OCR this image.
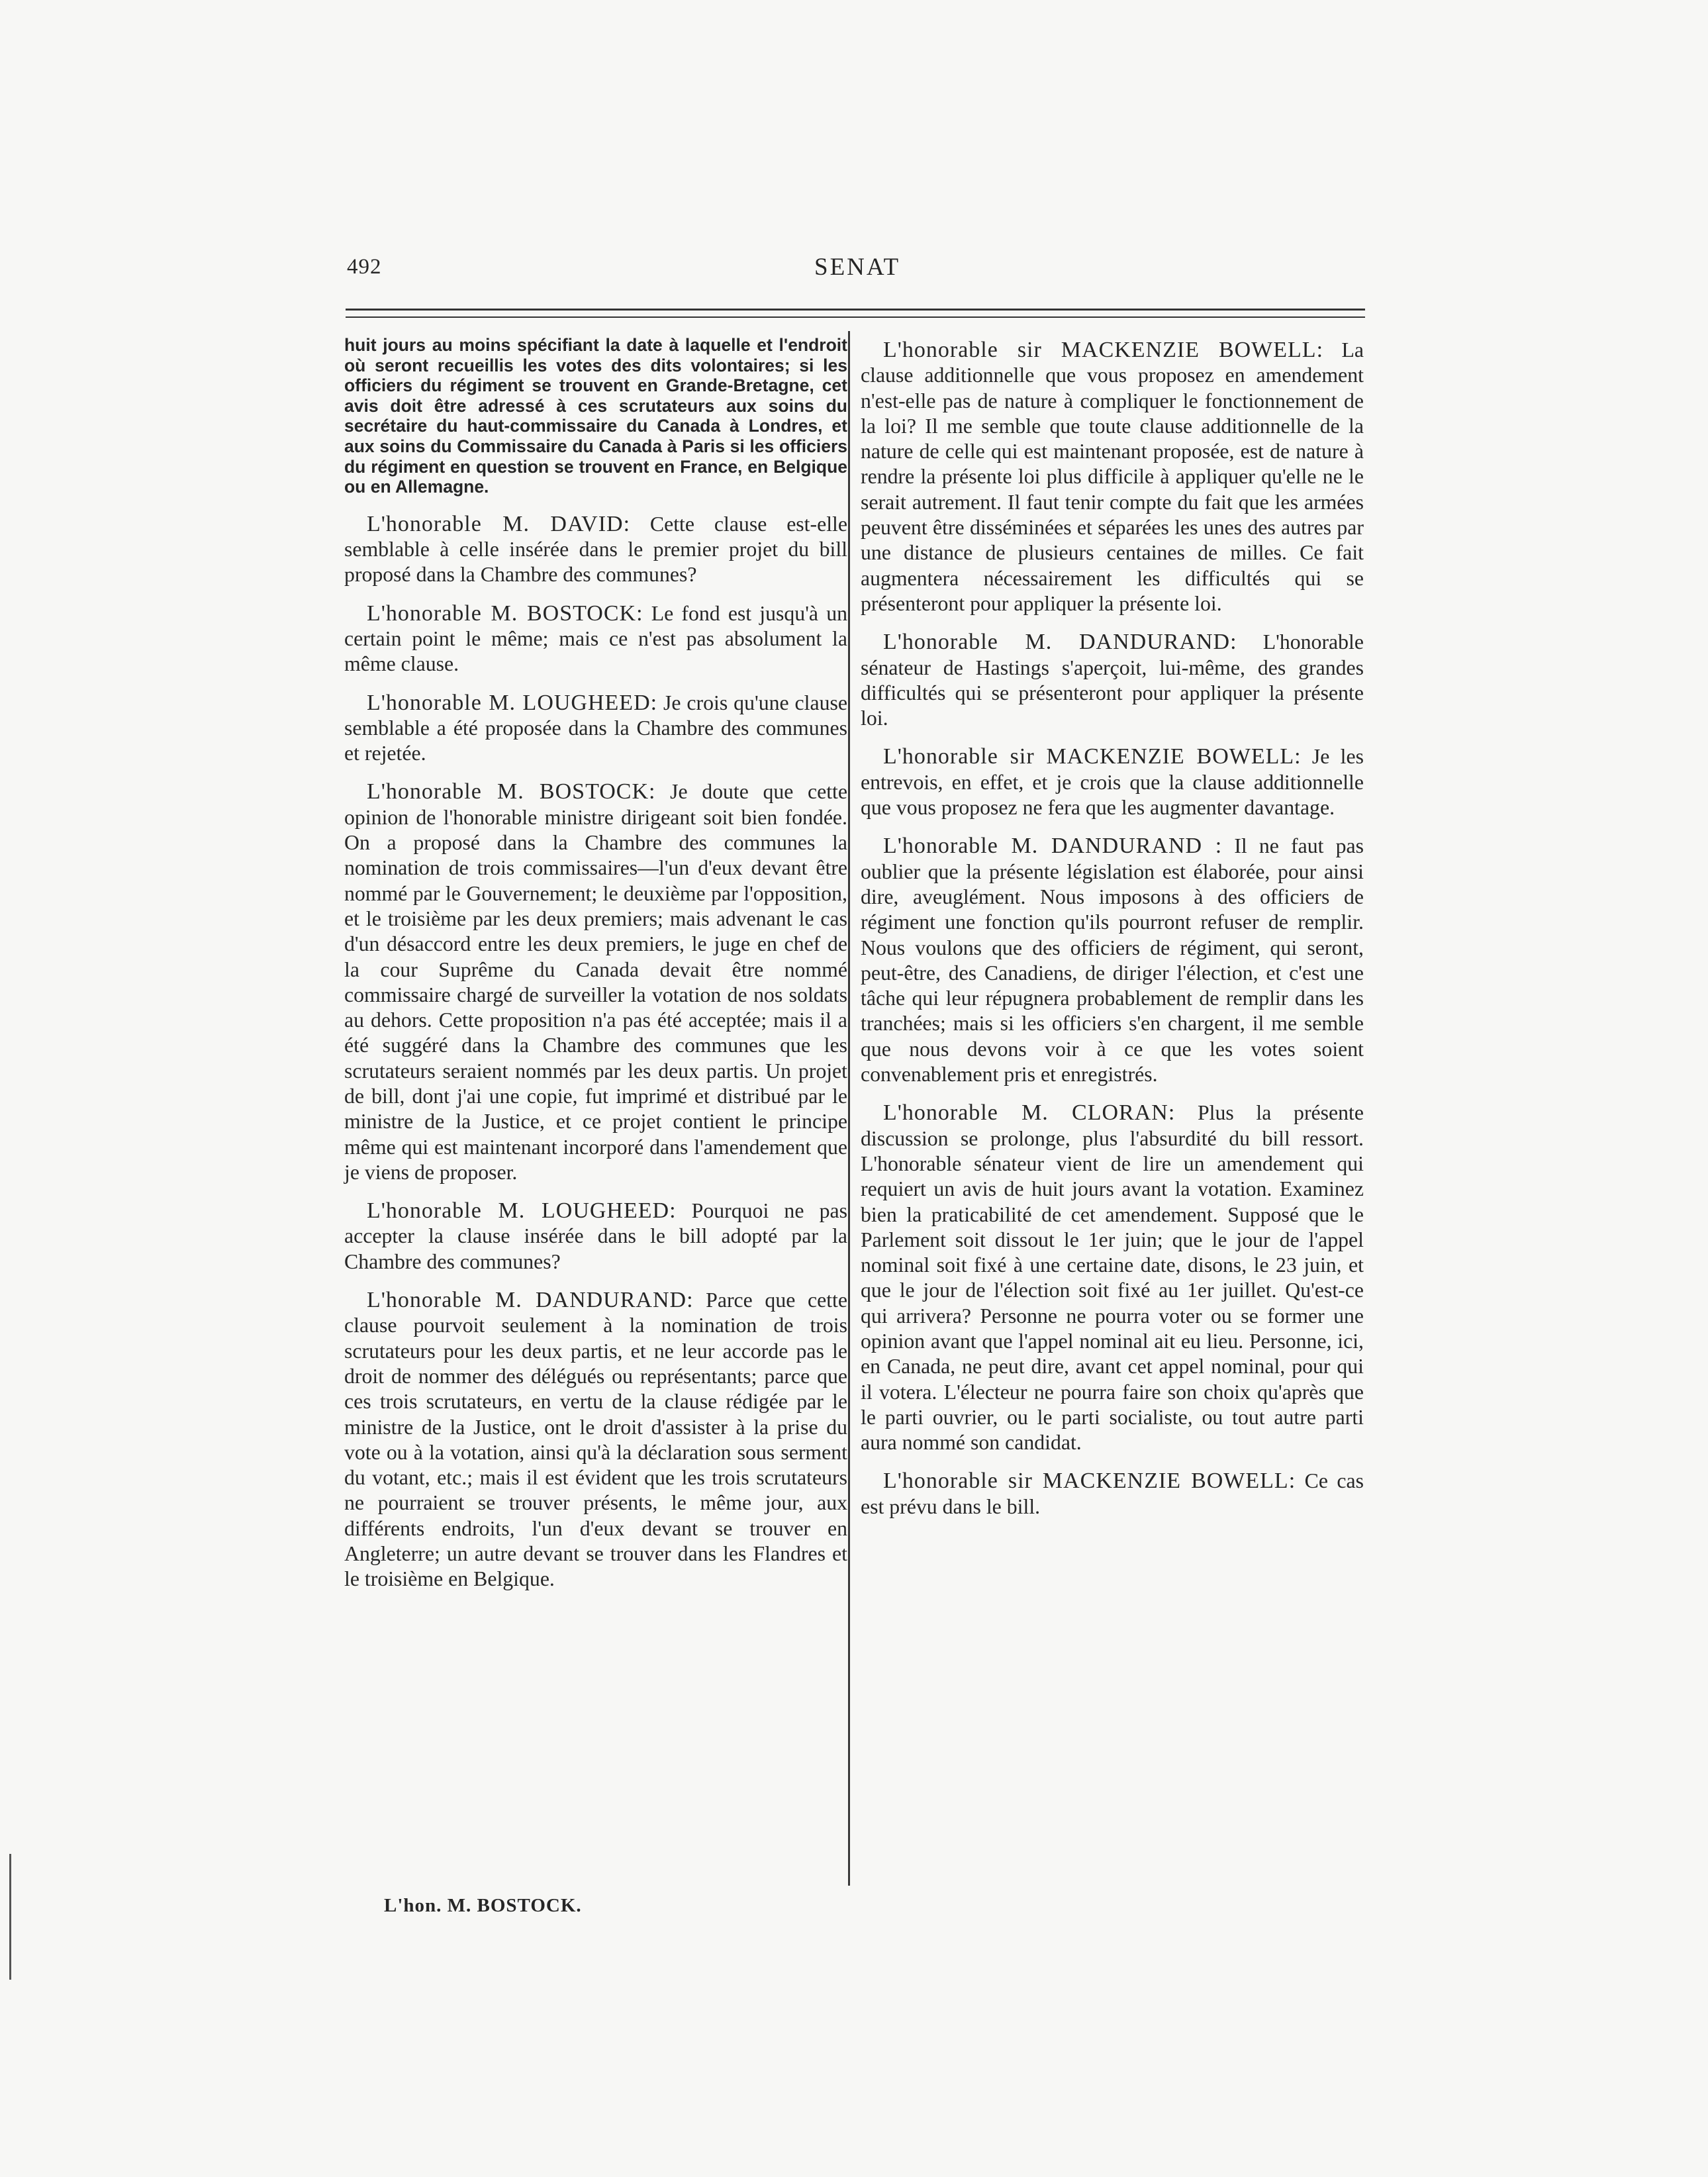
492	SENAT

huit jours au moins spécifiant la date à laquelle et l'endroit où seront recueillis les votes des dits volontaires; si les officiers du régiment se trouvent en Grande-Bretagne, cet avis doit être adressé à ces scrutateurs aux soins du secrétaire du haut-commissaire du Canada à Londres, et aux soins du Commissaire du Canada à Paris si les officiers du régiment en question se trouvent en France, en Belgique ou en Allemagne.

L'honorable M. DAVID: Cette clause est-elle semblable à celle insérée dans le premier projet du bill proposé dans la Chambre des communes?

L'honorable M. BOSTOCK: Le fond est jusqu'à un certain point le même; mais ce n'est pas absolument la même clause.

L'honorable M. LOUGHEED: Je crois qu'une clause semblable a été proposée dans la Chambre des communes et rejetée.

L'honorable M. BOSTOCK: Je doute que cette opinion de l'honorable ministre dirigeant soit bien fondée. On a proposé dans la Chambre des communes la nomination de trois commissaires—l'un d'eux devant être nommé par le Gouvernement; le deuxième par l'opposition, et le troisième par les deux premiers; mais advenant le cas d'un désaccord entre les deux premiers, le juge en chef de la cour Suprême du Canada devait être nommé commissaire chargé de surveiller la votation de nos soldats au dehors. Cette proposition n'a pas été acceptée; mais il a été suggéré dans la Chambre des communes que les scrutateurs seraient nommés par les deux partis. Un projet de bill, dont j'ai une copie, fut imprimé et distribué par le ministre de la Justice, et ce projet contient le principe même qui est maintenant incorporé dans l'amendement que je viens de proposer.

L'honorable M. LOUGHEED: Pourquoi ne pas accepter la clause insérée dans le bill adopté par la Chambre des communes?

L'honorable M. DANDURAND: Parce que cette clause pourvoit seulement à la nomination de trois scrutateurs pour les deux partis, et ne leur accorde pas le droit de nommer des délégués ou représentants; parce que ces trois scrutateurs, en vertu de la clause rédigée par le ministre de la Justice, ont le droit d'assister à la prise du vote ou à la votation, ainsi qu'à la déclaration sous serment du votant, etc.; mais il est évident que les trois scrutateurs ne pourraient se trouver présents, le même jour, aux différents endroits, l'un d'eux devant se trouver en Angleterre; un autre devant se trouver dans les Flandres et le troisième en Belgique.

L'honorable sir MACKENZIE BOWELL: La clause additionnelle que vous proposez en amendement n'est-elle pas de nature à compliquer le fonctionnement de la loi? Il me semble que toute clause additionnelle de la nature de celle qui est maintenant proposée, est de nature à rendre la présente loi plus difficile à appliquer qu'elle ne le serait autrement. Il faut tenir compte du fait que les armées peuvent être disséminées et séparées les unes des autres par une distance de plusieurs centaines de milles. Ce fait augmentera nécessairement les difficultés qui se présenteront pour appliquer la présente loi.

L'honorable M. DANDURAND: L'honorable sénateur de Hastings s'aperçoit, lui-même, des grandes difficultés qui se présenteront pour appliquer la présente loi.

L'honorable sir MACKENZIE BOWELL: Je les entrevois, en effet, et je crois que la clause additionnelle que vous proposez ne fera que les augmenter davantage.

L'honorable M. DANDURAND : Il ne faut pas oublier que la présente législation est élaborée, pour ainsi dire, aveuglément. Nous imposons à des officiers de régiment une fonction qu'ils pourront refuser de remplir. Nous voulons que des officiers de régiment, qui seront, peut-être, des Canadiens, de diriger l'élection, et c'est une tâche qui leur répugnera probablement de remplir dans les tranchées; mais si les officiers s'en chargent, il me semble que nous devons voir à ce que les votes soient convenablement pris et enregistrés.

L'honorable M. CLORAN: Plus la présente discussion se prolonge, plus l'absurdité du bill ressort. L'honorable sénateur vient de lire un amendement qui requiert un avis de huit jours avant la votation. Examinez bien la praticabilité de cet amendement. Supposé que le Parlement soit dissout le 1er juin; que le jour de l'appel nominal soit fixé à une certaine date, disons, le 23 juin, et que le jour de l'élection soit fixé au 1er juillet. Qu'est-ce qui arrivera? Personne ne pourra voter ou se former une opinion avant que l'appel nominal ait eu lieu. Personne, ici, en Canada, ne peut dire, avant cet appel nominal, pour qui il votera. L'électeur ne pourra faire son choix qu'après que le parti ouvrier, ou le parti socialiste, ou tout autre parti aura nommé son candidat.

L'honorable sir MACKENZIE BOWELL: Ce cas est prévu dans le bill.

L'hon. M. BOSTOCK.
